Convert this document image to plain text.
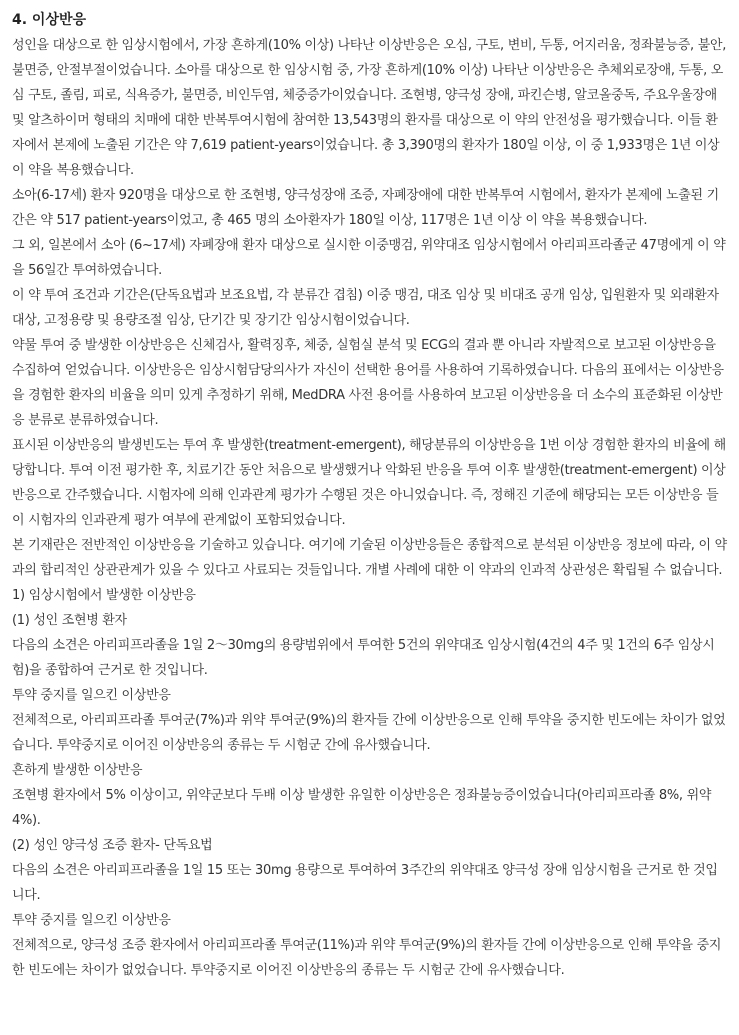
4. 이상반응

성인을 대상으로 한 임상시험에서, 가장 흔하게(10% 이상) 나타난 이상반응은 오심, 구토, 변비, 두통, 어지러움, 정좌불능증, 불안, 불면증, 안절부절이었습니다. 소아를 대상으로 한 임상시험 중, 가장 흔하게(10% 이상) 나타난 이상반응은 추체외로장애, 두통, 오심 구토, 졸림, 피로, 식욕증가, 불면증, 비인두염, 체중증가이었습니다. 조현병, 양극성 장애, 파킨슨병, 알코올중독, 주요우울장애 및 알츠하이머 형태의 치매에 대한 반복투여시험에 참여한 13,543명의 환자를 대상으로 이 약의 안전성을 평가했습니다. 이들 환자에서 본제에 노출된 기간은 약 7,619 patient-years이었습니다. 총 3,390명의 환자가 180일 이상, 이 중 1,933명은 1년 이상 이 약을 복용했습니다.

소아(6-17세) 환자 920명을 대상으로 한 조현병, 양극성장애 조증, 자폐장애에 대한 반복투여 시험에서, 환자가 본제에 노출된 기간은 약 517 patient-years이었고, 총 465 명의 소아환자가 180일 이상, 117명은 1년 이상 이 약을 복용했습니다.

그 외, 일본에서 소아 (6~17세) 자폐장애 환자 대상으로 실시한 이중맹검, 위약대조 임상시험에서 아리피프라졸군 47명에게 이 약을 56일간 투여하였습니다.

이 약 투여 조건과 기간은(단독요법과 보조요법, 각 분류간 겹침) 이중 맹검, 대조 임상 및 비대조 공개 임상, 입원환자 및 외래환자 대상, 고정용량 및 용량조절 임상, 단기간 및 장기간 임상시험이었습니다.

약물 투여 중 발생한 이상반응은 신체검사, 활력징후, 체중, 실험실 분석 및 ECG의 결과 뿐 아니라 자발적으로 보고된 이상반응을 수집하여 얻었습니다. 이상반응은 임상시험담당의사가 자신이 선택한 용어를 사용하여 기록하였습니다. 다음의 표에서는 이상반응을 경험한 환자의 비율을 의미 있게 추정하기 위해, MedDRA 사전 용어를 사용하여 보고된 이상반응을 더 소수의 표준화된 이상반응 분류로 분류하였습니다.

표시된 이상반응의 발생빈도는 투여 후 발생한(treatment-emergent), 해당분류의 이상반응을 1번 이상 경험한 환자의 비율에 해당합니다. 투여 이전 평가한 후, 치료기간 동안 처음으로 발생했거나 악화된 반응을 투여 이후 발생한(treatment-emergent) 이상반응으로 간주했습니다. 시험자에 의해 인과관계 평가가 수행된 것은 아니었습니다. 즉, 정해진 기준에 해당되는 모든 이상반응 들이 시험자의 인과관계 평가 여부에 관계없이 포함되었습니다.

본 기재란은 전반적인 이상반응을 기술하고 있습니다. 여기에 기술된 이상반응들은 종합적으로 분석된 이상반응 정보에 따라, 이 약과의 합리적인 상관관계가 있을 수 있다고 사료되는 것들입니다. 개별 사례에 대한 이 약과의 인과적 상관성은 확립될 수 없습니다.

1) 임상시험에서 발생한 이상반응

(1) 성인 조현병 환자

다음의 소견은 아리피프라졸을 1일 2～30mg의 용량범위에서 투여한 5건의 위약대조 임상시험(4건의 4주 및 1건의 6주 임상시험)을 종합하여 근거로 한 것입니다.

투약 중지를 일으킨 이상반응

전체적으로, 아리피프라졸 투여군(7%)과 위약 투여군(9%)의 환자들 간에 이상반응으로 인해 투약을 중지한 빈도에는 차이가 없었습니다. 투약중지로 이어진 이상반응의 종류는 두 시험군 간에 유사했습니다.

흔하게 발생한 이상반응

조현병 환자에서 5% 이상이고, 위약군보다 두배 이상 발생한 유일한 이상반응은 정좌불능증이었습니다(아리피프라졸 8%, 위약 4%).

(2) 성인 양극성 조증 환자- 단독요법

다음의 소견은 아리피프라졸을 1일 15 또는 30mg 용량으로 투여하여 3주간의 위약대조 양극성 장애 임상시험을 근거로 한 것입니다.

투약 중지를 일으킨 이상반응

전체적으로, 양극성 조증 환자에서 아리피프라졸 투여군(11%)과 위약 투여군(9%)의 환자들 간에 이상반응으로 인해 투약을 중지한 빈도에는 차이가 없었습니다. 투약중지로 이어진 이상반응의 종류는 두 시험군 간에 유사했습니다.
